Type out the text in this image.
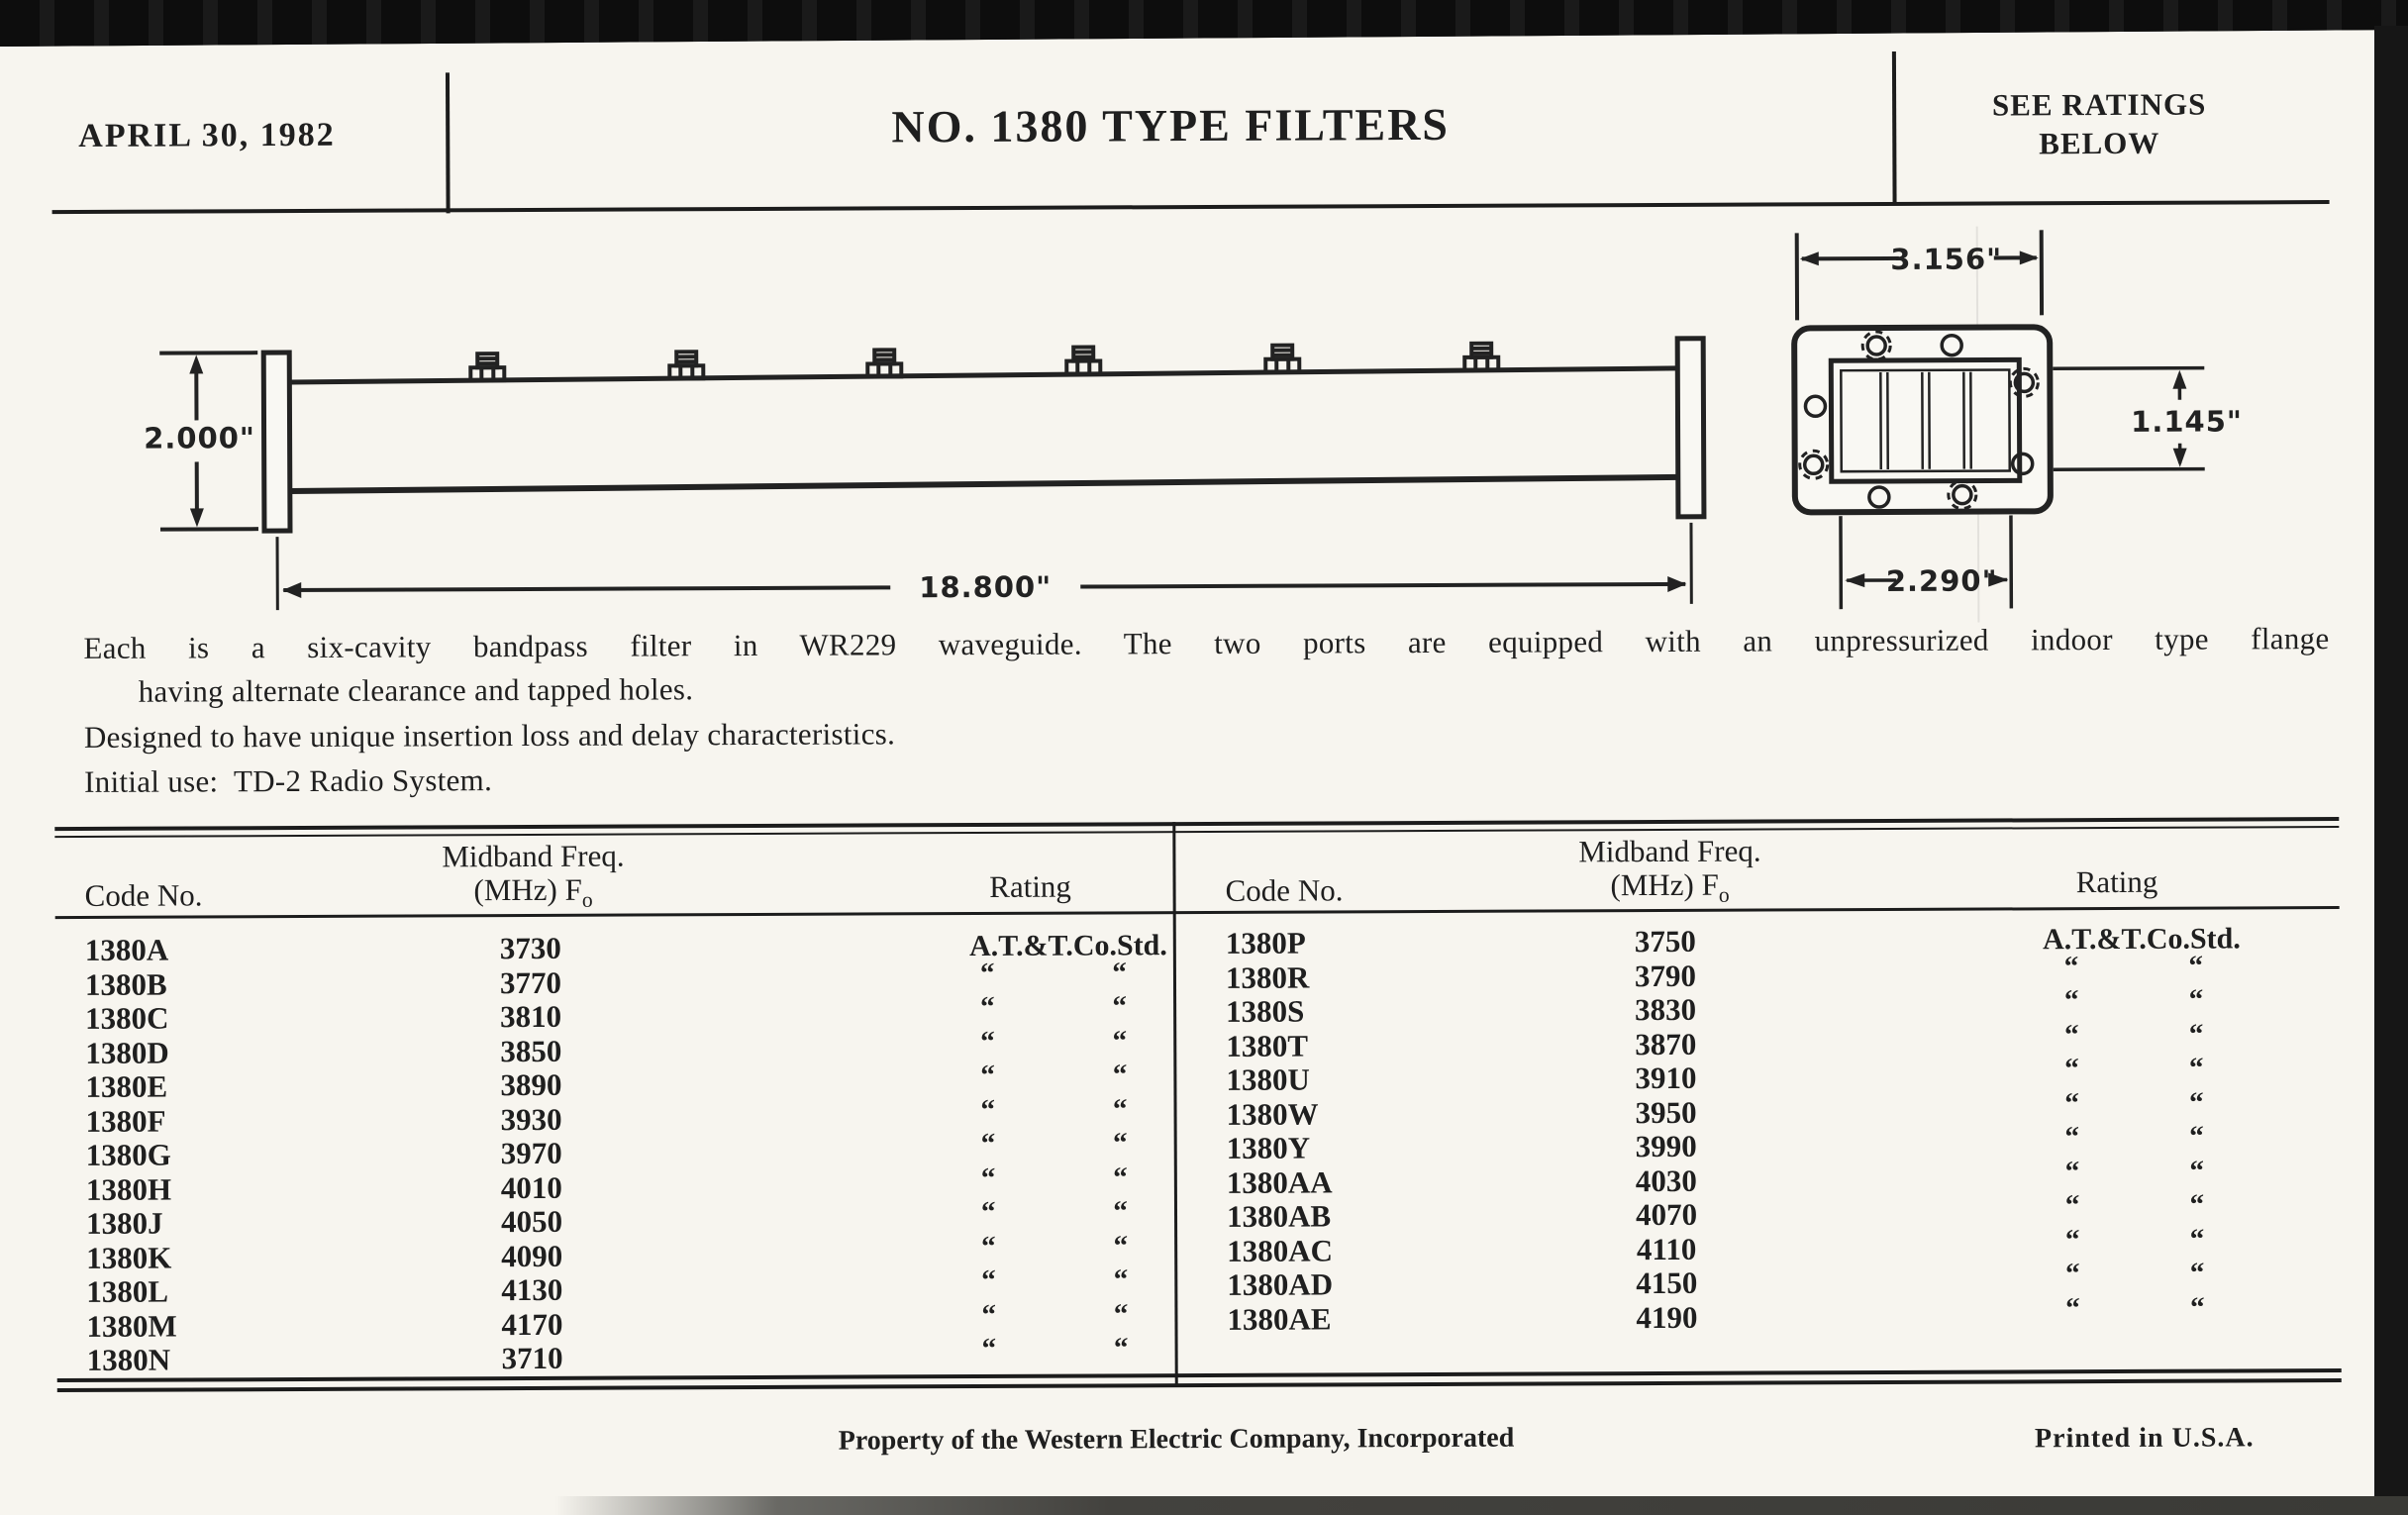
APRIL 30, 1982	NO. 1380 TYPE FILTERS	SEE RATINGS
BELOW
2.000"
18.800"
3.156"
1.145"
2.290"
Each is a six-cavity bandpass filter in WR229 waveguide. The two ports are equipped with an unpressurized indoor type flange
having alternate clearance and tapped holes.
Designed to have unique insertion loss and delay characteristics.
Initial use:  TD-2 Radio System.
Code No.
Midband Freq.
(MHz) $F_o$	Rating	Code No.
Midband Freq.
(MHz) $F_o$	Rating
1380A	3730	A.T.&T.Co.Std.
1380B	3770	“	“
1380C	3810	“	“
1380D	3850	“	“
1380E	3890	“	“
1380F	3930	“	“
1380G	3970	“	“
1380H	4010	“	“
1380J	4050	“	“
1380K	4090	“	“
1380L	4130	“	“
1380M	4170	“	“
1380N	3710	“	“
1380P	3750	A.T.&T.Co.Std.
1380R	3790	“	“
1380S	3830	“	“
1380T	3870	“	“
1380U	3910	“	“
1380W	3950	“	“
1380Y	3990	“	“
1380AA	4030	“	“
1380AB	4070	“	“
1380AC	4110	“	“
1380AD	4150	“	“
1380AE	4190	“	“
Property of the Western Electric Company, Incorporated	Printed in U.S.A.
